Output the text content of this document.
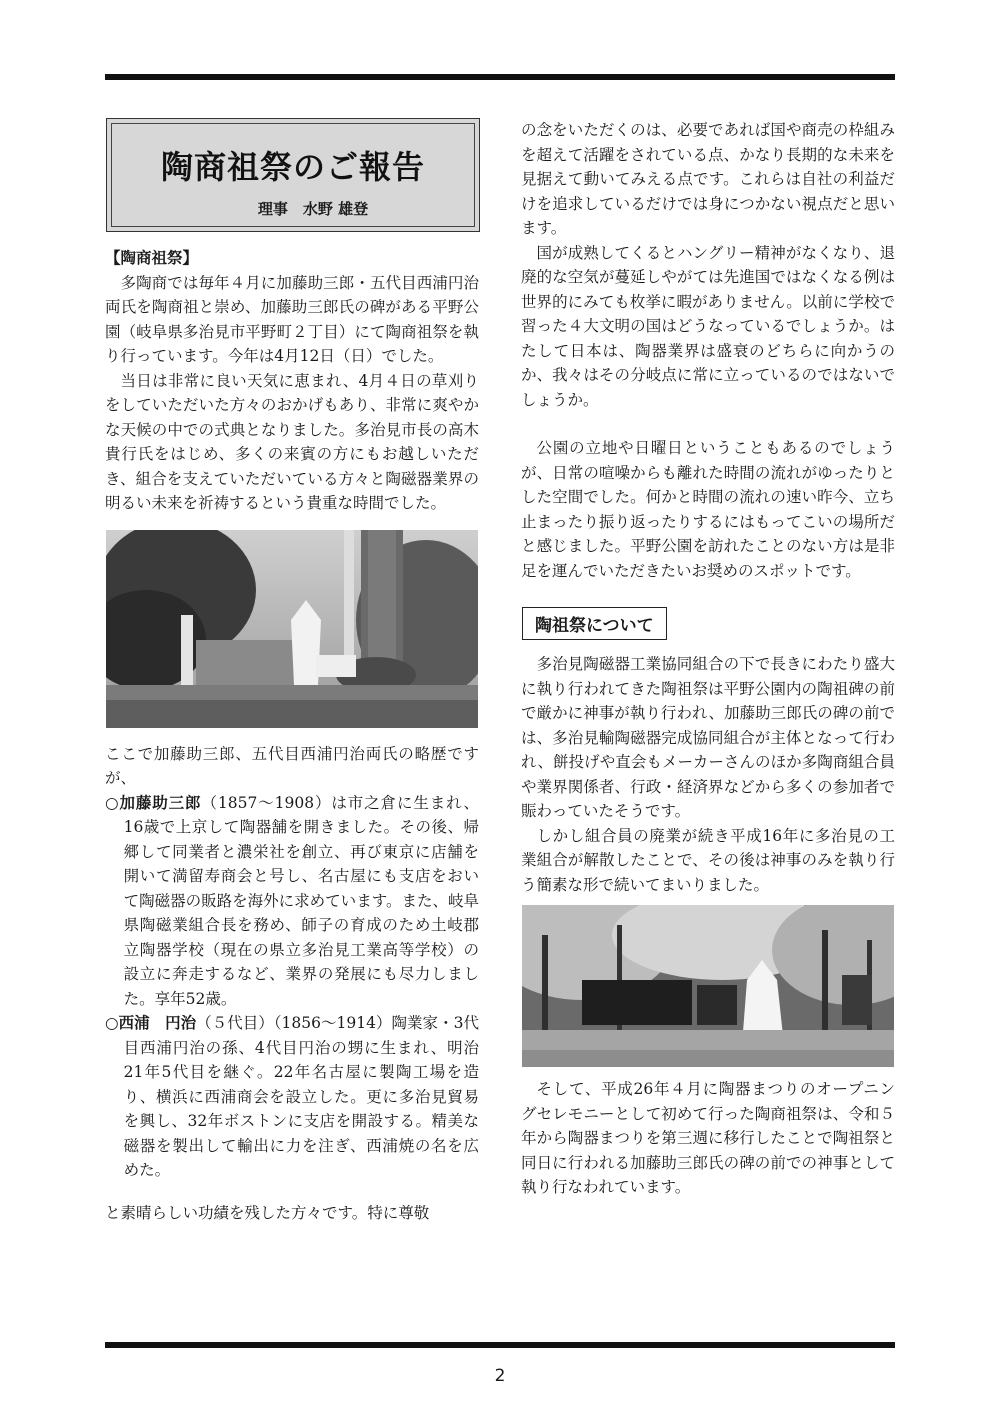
陶商祖祭のご報告
理事　水野 雄登
【陶商祖祭】

多陶商では毎年４月に加藤助三郎・五代目西浦円治両氏を陶商祖と崇め、加藤助三郎氏の碑がある平野公園（岐阜県多治見市平野町２丁目）にて陶商祖祭を執り行っています。今年は4月12日（日）でした。

当日は非常に良い天気に恵まれ、4月４日の草刈りをしていただいた方々のおかげもあり、非常に爽やかな天候の中での式典となりました。多治見市長の高木貴行氏をはじめ、多くの来賓の方にもお越しいただき、組合を支えていただいている方々と陶磁器業界の明るい未来を祈祷するという貴重な時間でした。

ここで加藤助三郎、五代目西浦円治両氏の略歴ですが、

○加藤助三郎（1857～1908）は市之倉に生まれ、16歳で上京して陶器舗を開きました。その後、帰郷して同業者と濃栄社を創立、再び東京に店舗を開いて満留寿商会と号し、名古屋にも支店をおいて陶磁器の販路を海外に求めています。また、岐阜県陶磁業組合長を務め、師子の育成のため土岐郡立陶器学校（現在の県立多治見工業高等学校）の設立に奔走するなど、業界の発展にも尽力しました。享年52歳。

○西浦　円治（５代目）（1856～1914）陶業家・3代目西浦円治の孫、4代目円治の甥に生まれ、明治21年5代目を継ぐ。22年名古屋に製陶工場を造り、横浜に西浦商会を設立した。更に多治見貿易を興し、32年ボストンに支店を開設する。精美な磁器を製出して輸出に力を注ぎ、西浦焼の名を広めた。

と素晴らしい功績を残した方々です。特に尊敬

の念をいただくのは、必要であれば国や商売の枠組みを超えて活躍をされている点、かなり長期的な未来を見据えて動いてみえる点です。これらは自社の利益だけを追求しているだけでは身につかない視点だと思います。

国が成熟してくるとハングリー精神がなくなり、退廃的な空気が蔓延しやがては先進国ではなくなる例は世界的にみても枚挙に暇がありません。以前に学校で習った４大文明の国はどうなっているでしょうか。はたして日本は、陶器業界は盛衰のどちらに向かうのか、我々はその分岐点に常に立っているのではないでしょうか。

公園の立地や日曜日ということもあるのでしょうが、日常の喧噪からも離れた時間の流れがゆったりとした空間でした。何かと時間の流れの速い昨今、立ち止まったり振り返ったりするにはもってこいの場所だと感じました。平野公園を訪れたことのない方は是非足を運んでいただきたいお奨めのスポットです。

陶祖祭について

多治見陶磁器工業協同組合の下で長きにわたり盛大に執り行われてきた陶祖祭は平野公園内の陶祖碑の前で厳かに神事が執り行われ、加藤助三郎氏の碑の前では、多治見輸陶磁器完成協同組合が主体となって行われ、餅投げや直会もメーカーさんのほか多陶商組合員や業界関係者、行政・経済界などから多くの参加者で賑わっていたそうです。

しかし組合員の廃業が続き平成16年に多治見の工業組合が解散したことで、その後は神事のみを執り行う簡素な形で続いてまいりました。

そして、平成26年４月に陶器まつりのオープニングセレモニーとして初めて行った陶商祖祭は、令和５年から陶器まつりを第三週に移行したことで陶祖祭と同日に行われる加藤助三郎氏の碑の前での神事として執り行なわれています。

2
